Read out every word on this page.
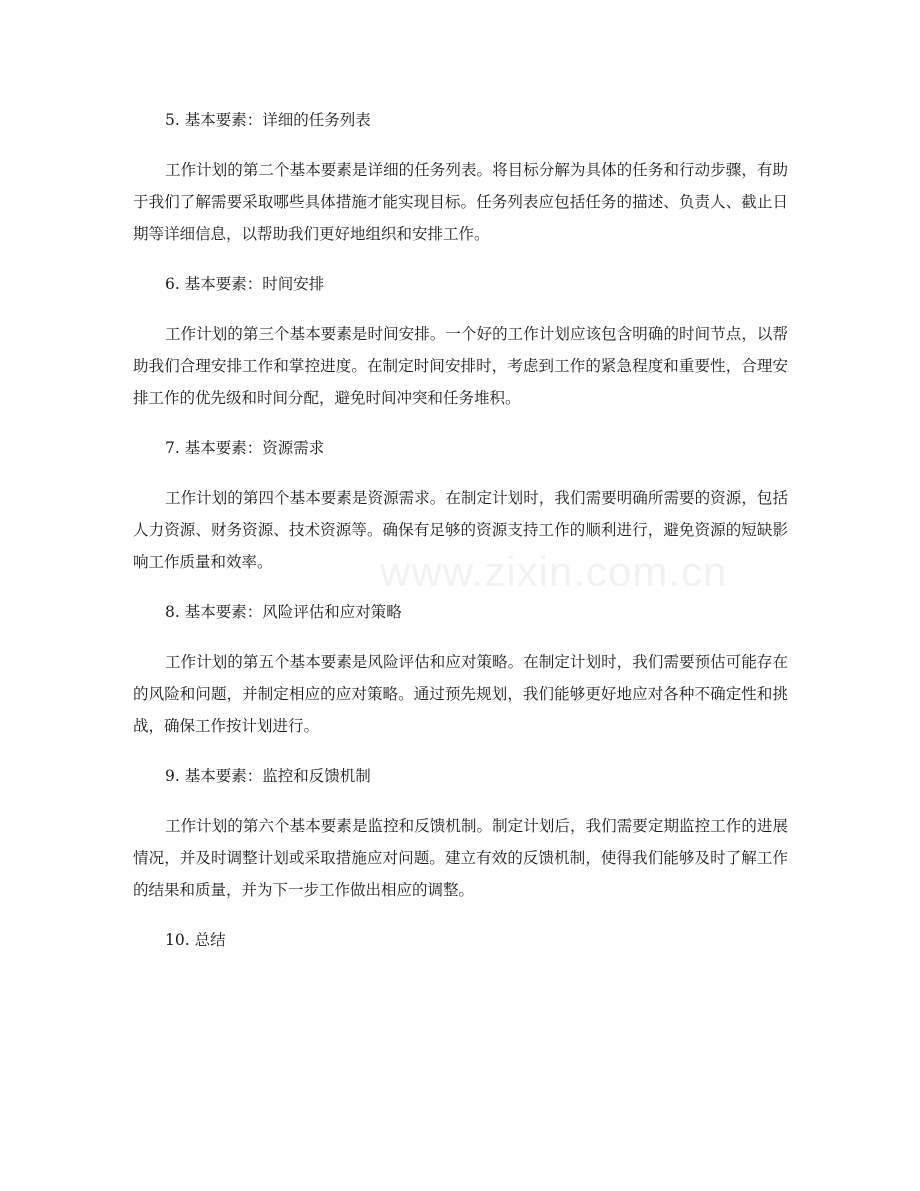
www.zixin.com.cn
5. 基本要素：详细的任务列表

工作计划的第二个基本要素是详细的任务列表。将目标分解为具体的任务和行动步骤，有助于我们了解需要采取哪些具体措施才能实现目标。任务列表应包括任务的描述、负责人、截止日期等详细信息，以帮助我们更好地组织和安排工作。

6. 基本要素：时间安排

工作计划的第三个基本要素是时间安排。一个好的工作计划应该包含明确的时间节点，以帮助我们合理安排工作和掌控进度。在制定时间安排时，考虑到工作的紧急程度和重要性，合理安排工作的优先级和时间分配，避免时间冲突和任务堆积。

7. 基本要素：资源需求

工作计划的第四个基本要素是资源需求。在制定计划时，我们需要明确所需要的资源，包括人力资源、财务资源、技术资源等。确保有足够的资源支持工作的顺利进行，避免资源的短缺影响工作质量和效率。

8. 基本要素：风险评估和应对策略

工作计划的第五个基本要素是风险评估和应对策略。在制定计划时，我们需要预估可能存在的风险和问题，并制定相应的应对策略。通过预先规划，我们能够更好地应对各种不确定性和挑战，确保工作按计划进行。

9. 基本要素：监控和反馈机制

工作计划的第六个基本要素是监控和反馈机制。制定计划后，我们需要定期监控工作的进展情况，并及时调整计划或采取措施应对问题。建立有效的反馈机制，使得我们能够及时了解工作的结果和质量，并为下一步工作做出相应的调整。

10. 总结
